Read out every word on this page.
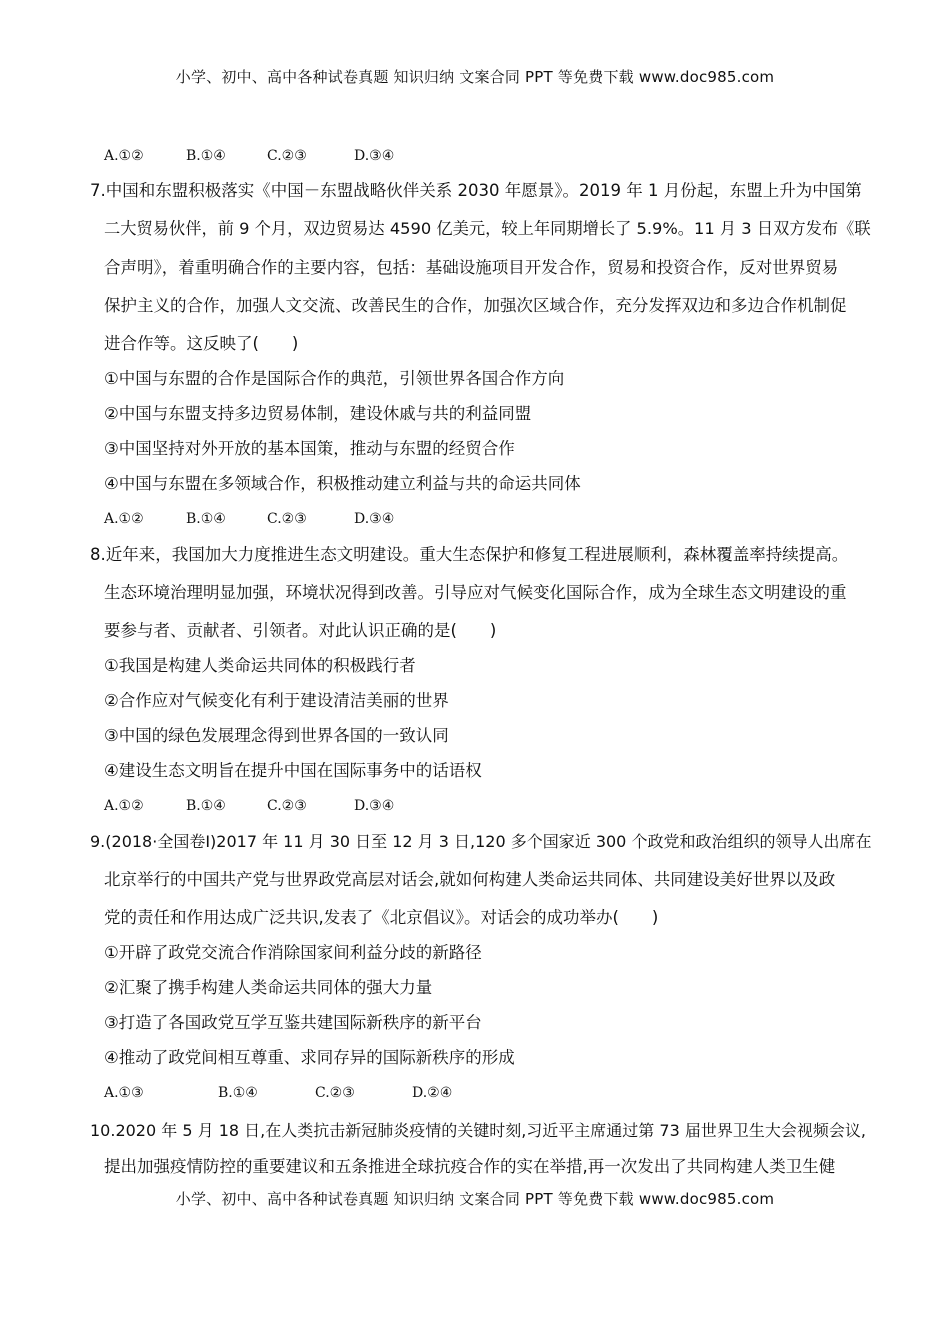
小学、初中、高中各种试卷真题 知识归纳 文案合同 PPT 等免费下载 www.doc985.com
A.①②	B.①④	C.②③	D.③④
7.中国和东盟积极落实《中国－东盟战略伙伴关系 2030 年愿景》。2019 年 1 月份起，东盟上升为中国第
二大贸易伙伴，前 9 个月，双边贸易达 4590 亿美元，较上年同期增长了 5.9%。11 月 3 日双方发布《联
合声明》，着重明确合作的主要内容，包括：基础设施项目开发合作，贸易和投资合作，反对世界贸易
保护主义的合作，加强人文交流、改善民生的合作，加强次区域合作，充分发挥双边和多边合作机制促
进合作等。这反映了(　　)
①中国与东盟的合作是国际合作的典范，引领世界各国合作方向
②中国与东盟支持多边贸易体制，建设休戚与共的利益同盟
③中国坚持对外开放的基本国策，推动与东盟的经贸合作
④中国与东盟在多领域合作，积极推动建立利益与共的命运共同体
A.①②	B.①④	C.②③	D.③④
8.近年来，我国加大力度推进生态文明建设。重大生态保护和修复工程进展顺利，森林覆盖率持续提高。
生态环境治理明显加强，环境状况得到改善。引导应对气候变化国际合作，成为全球生态文明建设的重
要参与者、贡献者、引领者。对此认识正确的是(　　)
①我国是构建人类命运共同体的积极践行者
②合作应对气候变化有利于建设清洁美丽的世界
③中国的绿色发展理念得到世界各国的一致认同
④建设生态文明旨在提升中国在国际事务中的话语权
A.①②	B.①④	C.②③	D.③④
9.(2018·全国卷I)2017 年 11 月 30 日至 12 月 3 日,120 多个国家近 300 个政党和政治组织的领导人出席在
北京举行的中国共产党与世界政党高层对话会,就如何构建人类命运共同体、共同建设美好世界以及政
党的责任和作用达成广泛共识,发表了《北京倡议》。对话会的成功举办(　　)
①开辟了政党交流合作消除国家间利益分歧的新路径
②汇聚了携手构建人类命运共同体的强大力量
③打造了各国政党互学互鉴共建国际新秩序的新平台
④推动了政党间相互尊重、求同存异的国际新秩序的形成
A.①③	B.①④	C.②③	D.②④
10.2020 年 5 月 18 日,在人类抗击新冠肺炎疫情的关键时刻,习近平主席通过第 73 届世界卫生大会视频会议,
提出加强疫情防控的重要建议和五条推进全球抗疫合作的实在举措,再一次发出了共同构建人类卫生健
小学、初中、高中各种试卷真题 知识归纳 文案合同 PPT 等免费下载 www.doc985.com
